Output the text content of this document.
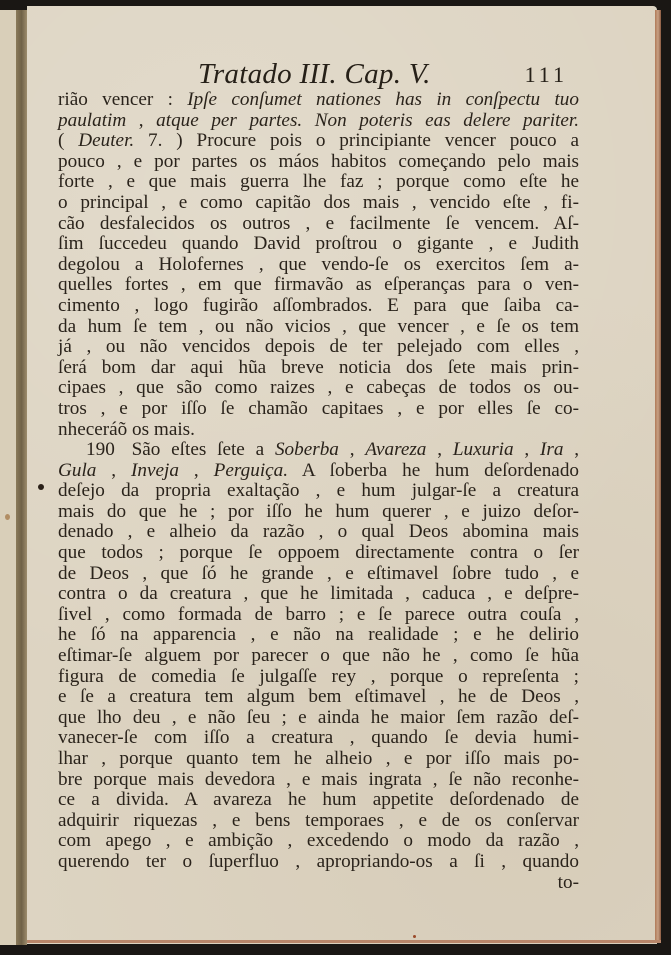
Tratado III. Cap. V.	111
rião vencer : Ipſe conſumet nationes has in conſpectu tuo
paulatim , atque per partes. Non poteris eas delere pariter.
( Deuter. 7. ) Procure pois o principiante vencer pouco a
pouco , e por partes os máos habitos começando pelo mais
forte , e que mais guerra lhe faz ; porque como eſte he
o principal , e como capitão dos mais , vencido eſte , fi-
cão desfalecidos os outros , e facilmente ſe vencem. Aſ-
ſim ſuccedeu quando David proſtrou o gigante , e Judith
degolou a Holofernes , que vendo-ſe os exercitos ſem a-
quelles fortes , em que firmavão as eſperanças para o ven-
cimento , logo fugirão aſſombrados. E para que ſaiba ca-
da hum ſe tem , ou não vicios , que vencer , e ſe os tem
já , ou não vencidos depois de ter pelejado com elles ,
ſerá bom dar aqui hũa breve noticia dos ſete mais prin-
cipaes , que são como raizes , e cabeças de todos os ou-
tros , e por iſſo ſe chamão capitaes , e por elles ſe co-
nheceráõ os mais.
190 São eſtes ſete a Soberba , Avareza , Luxuria , Ira ,
Gula , Inveja , Perguiça. A ſoberba he hum deſordenado
deſejo da propria exaltação , e hum julgar-ſe a creatura
mais do que he ; por iſſo he hum querer , e juizo deſor-
denado , e alheio da razão , o qual Deos abomina mais
que todos ; porque ſe oppoem directamente contra o ſer
de Deos , que ſó he grande , e eſtimavel ſobre tudo , e
contra o da creatura , que he limitada , caduca , e deſpre-
ſivel , como formada de barro ; e ſe parece outra couſa ,
he ſó na apparencia , e não na realidade ; e he delirio
eſtimar-ſe alguem por parecer o que não he , como ſe hũa
figura de comedia ſe julgaſſe rey , porque o repreſenta ;
e ſe a creatura tem algum bem eſtimavel , he de Deos ,
que lho deu , e não ſeu ; e ainda he maior ſem razão deſ-
vanecer-ſe com iſſo a creatura , quando ſe devia humi-
lhar , porque quanto tem he alheio , e por iſſo mais po-
bre porque mais devedora , e mais ingrata , ſe não reconhe-
ce a divida. A avareza he hum appetite deſordenado de
adquirir riquezas , e bens temporaes , e de os conſervar
com apego , e ambição , excedendo o modo da razão ,
querendo ter o ſuperfluo , apropriando-os a ſi , quando
to-
